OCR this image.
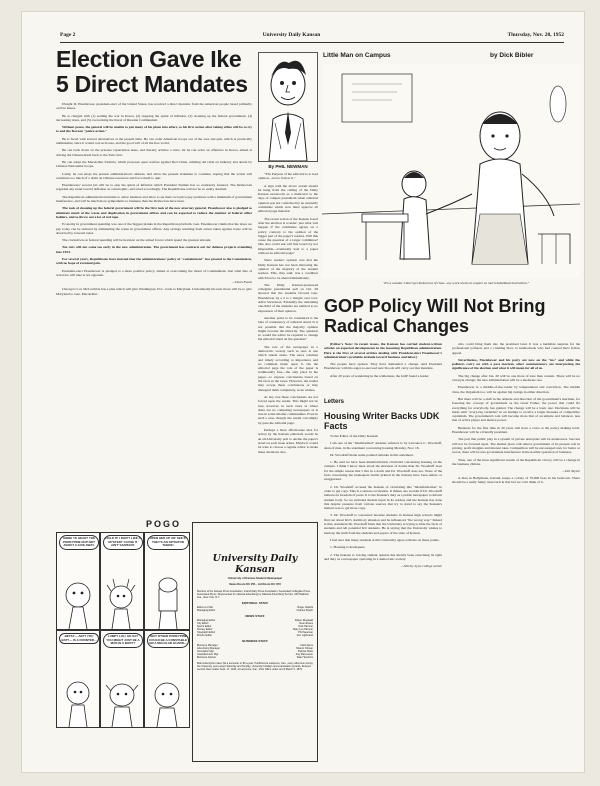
Page 2	University Daily Kansan	Thursday, Nov. 20, 1952
Election Gave Ike 5 Direct Mandates

Dwight D. Eisenhower, president-elect of the United States, has received a direct mandate from the American people based primarily on five issues.

He is charged with (1) settling the war in Korea, (2) stopping the spiral of inflation, (3) cleaning up the federal government, (4) decreasing taxes, and (5) overcoming the threat of Russian Communism.

Without peace, the general will be unable to put many of his plans into effect, so his first action after taking office will be to try to end the Korean "police action."

He is faced with several alternatives at the present time. He can order American troops out of the area and quit, which is practically unthinkable, since it would cost us Korea, and the good will of all the free world.

He can back down on the prisoner repatriation issue, and thereby achieve a truce. Or he can order an offensive in Korea, aimed at driving the Chinese Reds back to the Yalu river.

He can adopt the MacArthur formula, which proposes open warfare against Red China, utilizing aid raids on industry and attack by Chinese Nationalist troops.

Lastly, he can adopt the present administration's attitude, and allow the present stalemate to continue, hoping that the action will constitute too much of a drain on Chinese resources and force them to quit.

Eisenhowers' second job will be to stop the spiral of inflation which President Truman has so cautiously fostered. The Democrats regarded any trend toward deflation as catastrophic, and acted accordingly. The Republicans will not be so easily alarmed.

The Republican administration intends to allow business and labor to set their own price-pay positions with a minimum of government interference, and will be much more sympathetic to business than the Democrats have been.

The task of cleaning up the federal government will be the first task of the new attorney general. Eisenhower also is pledged to eliminate much of the waste and duplication in government offices and can be expected to reduce the number of federal office holders, and to throw out a lot of red tape.

Economy in government spending was one of the biggest planks in the Republican platform. Gen. Eisenhower claims that the taxes we pay today can be reduced by eliminating the waste in government offices. Any savings resulting from action taken against waste will be absorbed by lowered taxes.

The crackdown on federal spending will be heaviest on the armed forces which spend the greatest amount.

Tax cuts will not come too early in the new administration. The government has contracts out for defense projects extending into 1954.

For several years, Republicans have insisted that the administrations' policy of "containment" lost ground to the Communists, with no hope of eventual gain.

President-elect Eisenhower is pledged to a more positive policy, aimed at overcoming the threat of Communism. Just what line of action he will take is not apparent.

—Dean Evans

Chicago's Col. McCormick has a plan which will give Washington, D.C., back to Maryland. Undoubtedly his next move will be to give Maryland to Gen. MacArthur.

By PHIL NEWMAN

"The Purpose of the editorial is to lead opinion—not to follow it."

A sign with the above axiom should be hung from the ceiling of the Daily Kansan newsroom as a memorial to the days of campus journalism when editorial opinion was not controlled by an unwieldy committee which now must approve all editorial page material.

The recent action of the Kansan board after the election is wonder: just what will happen if the committee agrees on a policy contrary to the opinion of the bigger part of the paper's readers. Will this cause the question of a larger committee? One also could ask will this board try not impossible—eventually lead to a paper without an editorial page?

Since readers' opinion was that the Daily Kansan has not been mirroring the opinion of the majority of the student readers. This, they said, was a condition which had to be altered immediately.

The Daily Kansan-sponsored collegiate presidential poll on Oct. 28 showed that the students favored Gen. Eisenhower by a 2 to 1 margin over Gov. Adlai Stevenson. Evidently the remaining one-third of the students are entitled to no expression of their opinion.

Another point to be considered is the idea of consistency of editorial stand. Is it not possible that the majority opinion might become the minority. The question is, would the editor be required to change his editorial stand on the question?

The role of the newspaper in a democratic society such as ours is one which stands alone. The news columns and timely according to importance and no comment made upon it. On the editorial page the role of the paper is traditionally free—the only place in the paper—to express conclusions based on the facts in the news. However, the reader may accept these conclusions or may disregard them completely, as he wishes.

At any rate these conclusions are not forced upon the reader. This might not be true, however, in such cases as where there are no competing newspapers as is true in some smaller communities. Even in such a case, though, the reader can simply by-pass the editorial page.

Perhaps a more affectionate idea for action by the Kansan editorials would be an all-University poll to decide the paper's stand on each issue arises. Maybe it would be wise to choose a regular editor to make these decisions also.

Little Man on Campus	by Dick Bibler
"It's a wonder I don't get kicked out of class—my work seems to require so much individual instruction."
GOP Policy Will Not Bring Radical Changes

(Editor's Note: In recent issues, the Kansan has carried student-written articles on expected developments in the incoming Republican administration. Here is the first of several articles dealing with President-elect Eisenhower's administration's probable attitude toward business and labor.)

The people have spoken. They have demanded a change. And President Eisenhower with his eager-to-succeed new bloods will carry out that mandate.

After 20 years of wandering in the wilderness, the GOP found a leader

who could bring them into the promised land. It was a landslide surprise for the professional pollsters and a crushing blow to intellectuals who had courted Ike's fellow appeal.

Nevertheless, Eisenhower and his party are now on the "ins" and while the pollsters carry on with a post mortem, other commentators are interpreting the significance of the election and what it will mean for all of us.

The big change after Jan. 20 will be one more of tone than content. There will be no old-style change: the new administration will be a moderate one.

Eisenhower is a middle-of-the-roader by temperament and conviction. The middle class, the Organism too, will be against big swings in either direction.

But there will be a shift in the attitude and direction of the government's machine, for fostering the concept of government as the Great Father, the power that could fix everything for everybody, has guided. The change will be a basic one: Decisions will be made with "every-big variables" in an attempt to receive a larger measure of competitive capitalism. The government's role will become more that of an umpire and balancer, less that of active player and motive power.

Business for the first time in 20 years will have a voice at the policy making level. Eisenhower will be a friendly president.

The part that public play in a system of private enterprise will be understood. Success will not be frowned upon. The market place will relieve government of its present role in pricing, profit margins and interest rates. Competition will be encouraged and, for better or worse, there will be less government interference in the normal operation of business.

Thus, one of the most significant results of the Republican victory will be a change in the business climate.

—Del Taylor

A man in Ballymena, Ireland, keeps a colony of 70,000 bees in his bedroom. There should be a really funny wisecrack in that but we can't think of it.

Letters
Housing Writer Backs UDK Facts

To the Editor of the Daily Kansan:

I am one of the "misinformed" students referred to by Lawrence C. Woodruff, dean of men, in his statement concerning housing Monday, Nov. 18.

Dr. Woodruff made some pointed remarks in this statement.

1. He said we have been misinformation circulated concerning housing on the campus. I think I know most about the situation of dorms than Dr. Woodruff does for the simple reason that I live in a dorm and Dr. Woodruff does not. None of the facts concerning the inadequate dorms printed in the Kansan have been untrue or exaggerated.

2. Dr. Woodruff accused the Kansan of circulating this "misinformation" in order to get copy. This is a serious accusation. It makes one wonder if Dr. Woodruff believes in freedom of press. It is the Kansan's duty as a public newspaper to inform student body. So we included student input in its readers and the Kansan has done this despite pressure from various sources that try to stand to say the Kansan's matters was to get more copy.

3. Dr. Woodruff is concerned because students in Kansas high schools might find out about KU's dormitory situation and be influenced "the wrong way." Indeed is this, statement Dr. Woodruff hints that the University is trying to hide the facts of students and tell potential KU students. He is saying that the University wishes to hush up the truth from the students and payers of the state of Kansas.

I feel sure that many students at this University agree with me on these points.

1. Housing is inadequate.

2. The Kansan is voicing student opinion has merely been exercising its right and duty as a newspaper operating in a democratic society.

—Shirley Lyon college senior
POGO
HIBBE YE HEAR? THE PORKYPINE NUP NOT ABOUT A GIVE AWAY.
HOLD IT! I DON'T LIKE A MYSTERY CAUSE IT AIN'T SANITARY.
OPEN HER UP AN' SEE IF THEY'S AN OP'RATOR THERE!
BETSY— AIN'T YOU BAT?— IS A FRONTER...
LUMPY LOU, HE SAY YOU MIGHT JUST BE A MAN IN A BODY?
THAT OTHER PORKYPINE COULD BE A CONSTABLE OR A REGULAR GUARD—
University Daily Kansan
University of Kansas Student Newspaper
News Room KU 251 · Ad Room KU 373
Member of the Kansas Press Association, Inland Daily Press Association, Associated Collegiate Press, Associated Press. Represented for national advertising by National Advertising Service, 420 Madison Ave., New York, N.Y.
EDITORIAL STAFF
Editor-in-Chief	Roger Vankirk
Managing Editor	Charles Roach
NEWS STAFF
Managing Editor	Eileen Ringwald
City Editor	Dean Evans
Sports Editor	Dick Harmon
Society Editor	Mary Lou Harmon
Telegraph Editor	Phil Newman
Picture Editor	Ken Lighbrand
BUSINESS STAFF
Business Manager	Clark Akers
Advertising Manager	Sharon Ottman
Circulation Mgr.	Patricia Shaw
Classified Adv. Mgr.	Kay Marcusson
Business Adviser	Dale Heinrichs
Mail subscription rates: $2 a semester or $3 a year. Published at Lawrence, Kan., every afternoon during the University year except Saturday and Sunday, University holidays and examination periods. Entered second class matter Sept. 17, 1910, at Lawrence, Kan., Post Office under act of March 3, 1879.
